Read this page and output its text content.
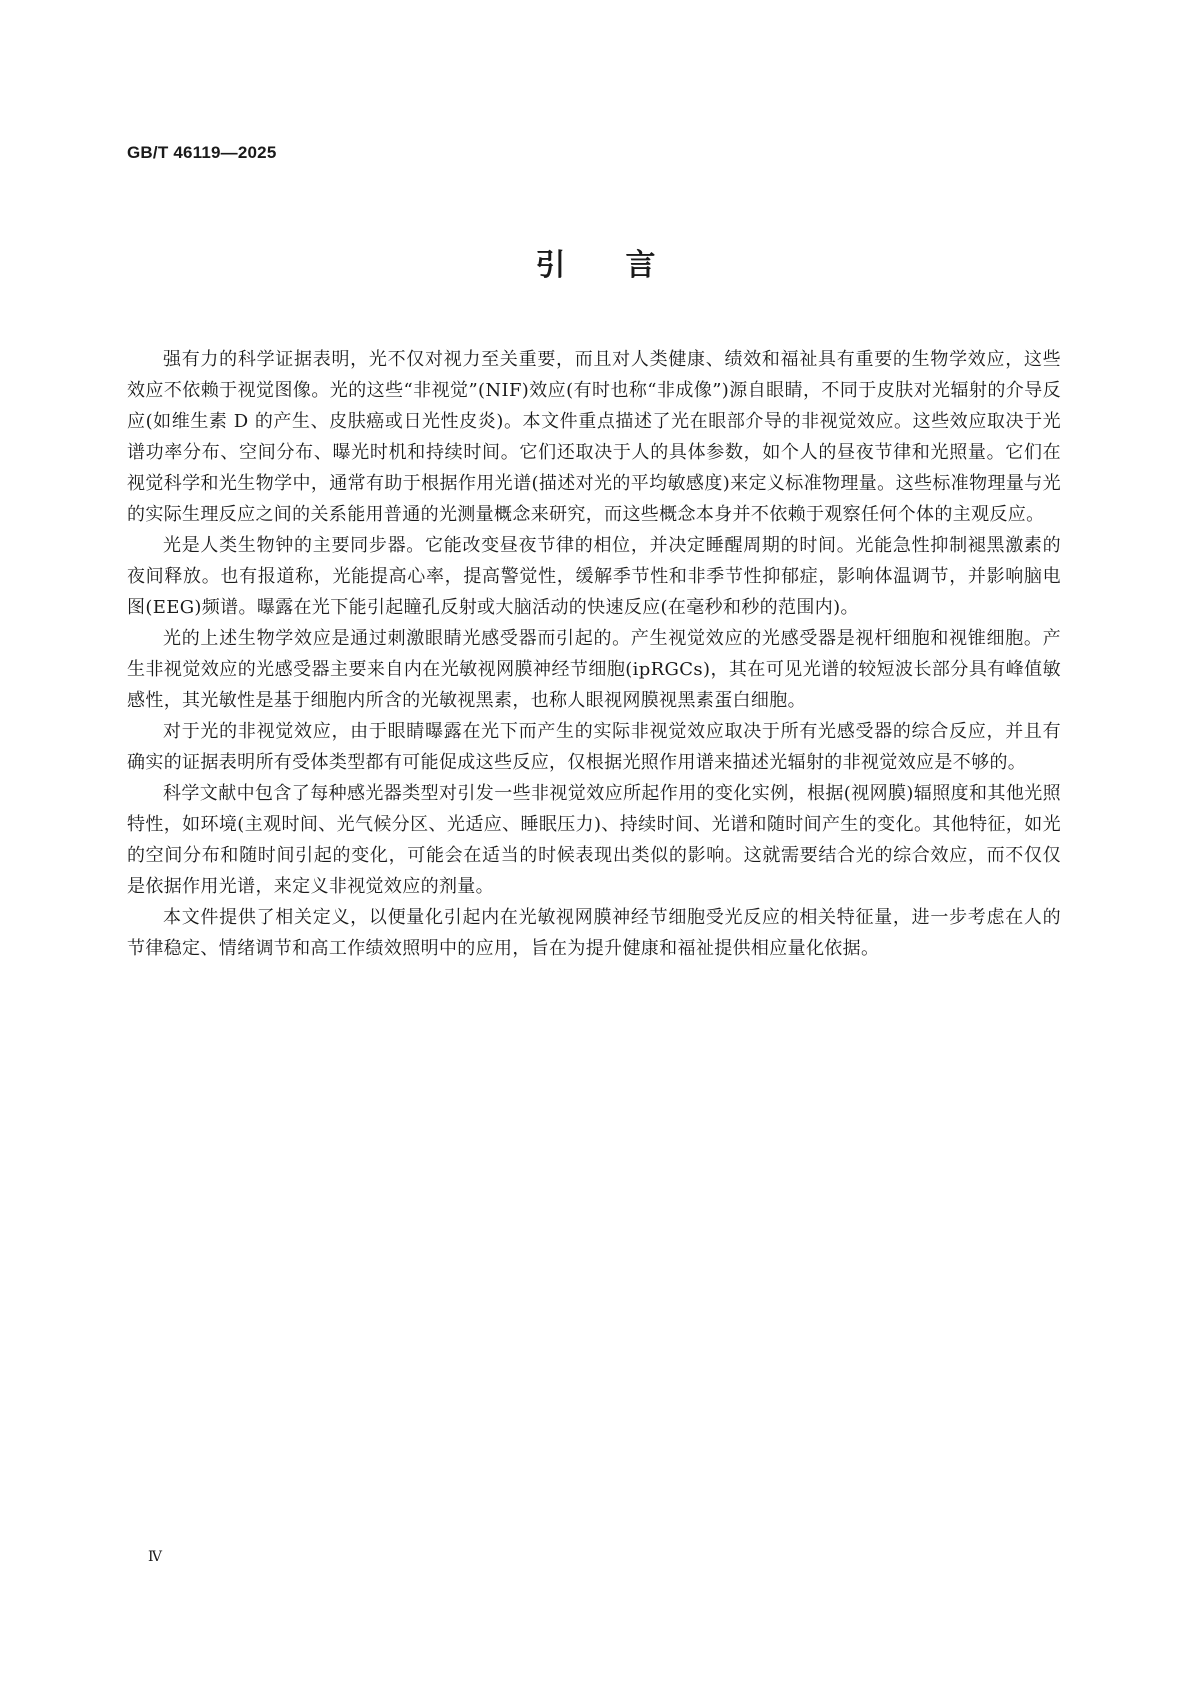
GB/T 46119—2025
引言

强有力的科学证据表明，光不仅对视力至关重要，而且对人类健康、绩效和福祉具有重要的生物学效应，这些效应不依赖于视觉图像。光的这些“非视觉”(NIF)效应(有时也称“非成像”)源自眼睛，不同于皮肤对光辐射的介导反应(如维生素 D 的产生、皮肤癌或日光性皮炎)。本文件重点描述了光在眼部介导的非视觉效应。这些效应取决于光谱功率分布、空间分布、曝光时机和持续时间。它们还取决于人的具体参数，如个人的昼夜节律和光照量。它们在视觉科学和光生物学中，通常有助于根据作用光谱(描述对光的平均敏感度)来定义标准物理量。这些标准物理量与光的实际生理反应之间的关系能用普通的光测量概念来研究，而这些概念本身并不依赖于观察任何个体的主观反应。

光是人类生物钟的主要同步器。它能改变昼夜节律的相位，并决定睡醒周期的时间。光能急性抑制褪黑激素的夜间释放。也有报道称，光能提高心率，提高警觉性，缓解季节性和非季节性抑郁症，影响体温调节，并影响脑电图(EEG)频谱。曝露在光下能引起瞳孔反射或大脑活动的快速反应(在毫秒和秒的范围内)。

光的上述生物学效应是通过刺激眼睛光感受器而引起的。产生视觉效应的光感受器是视杆细胞和视锥细胞。产生非视觉效应的光感受器主要来自内在光敏视网膜神经节细胞(ipRGCs)，其在可见光谱的较短波长部分具有峰值敏感性，其光敏性是基于细胞内所含的光敏视黑素，也称人眼视网膜视黑素蛋白细胞。

对于光的非视觉效应，由于眼睛曝露在光下而产生的实际非视觉效应取决于所有光感受器的综合反应，并且有确实的证据表明所有受体类型都有可能促成这些反应，仅根据光照作用谱来描述光辐射的非视觉效应是不够的。

科学文献中包含了每种感光器类型对引发一些非视觉效应所起作用的变化实例，根据(视网膜)辐照度和其他光照特性，如环境(主观时间、光气候分区、光适应、睡眠压力)、持续时间、光谱和随时间产生的变化。其他特征，如光的空间分布和随时间引起的变化，可能会在适当的时候表现出类似的影响。这就需要结合光的综合效应，而不仅仅是依据作用光谱，来定义非视觉效应的剂量。

本文件提供了相关定义，以便量化引起内在光敏视网膜神经节细胞受光反应的相关特征量，进一步考虑在人的节律稳定、情绪调节和高工作绩效照明中的应用，旨在为提升健康和福祉提供相应量化依据。

Ⅳ
